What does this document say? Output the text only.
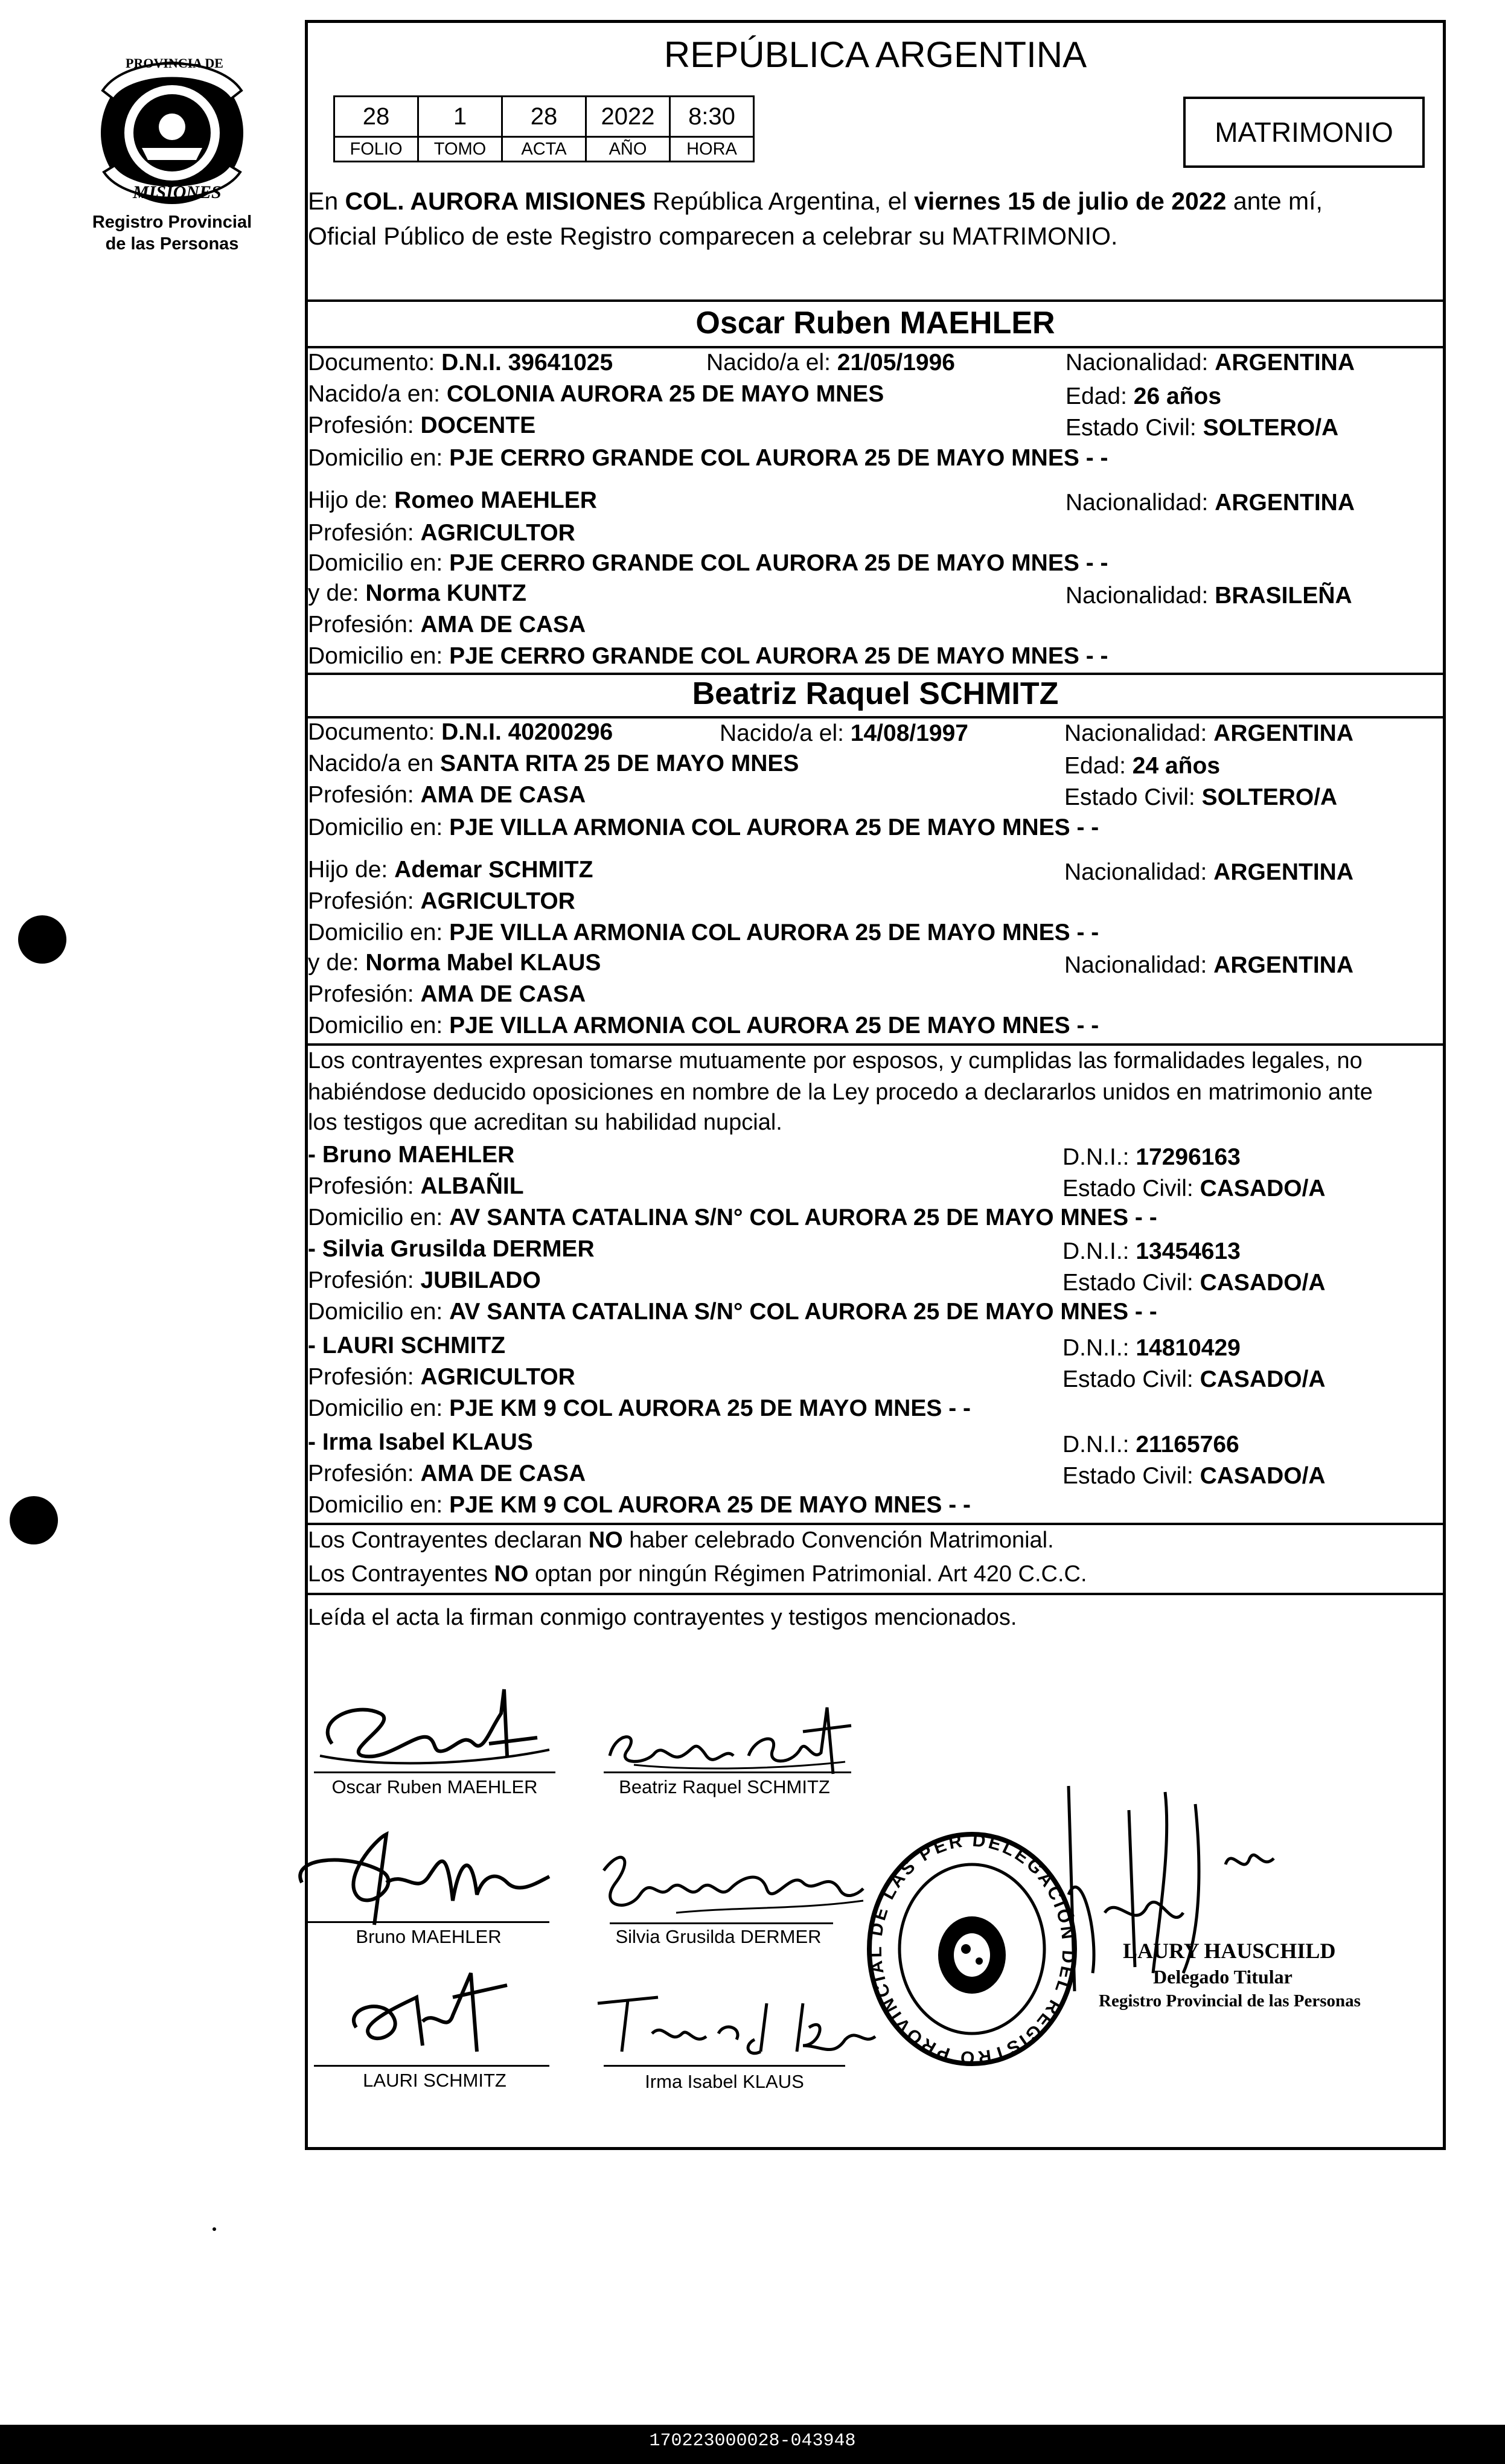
PROVINCIA DE
MISIONES
Registro Provincial
de las Personas
REPÚBLICA ARGENTINA
28	1	28	2022	8:30
FOLIO	TOMO	ACTA	AÑO	HORA
MATRIMONIO
En COL. AURORA MISIONES República Argentina, el viernes 15 de julio de 2022 ante mí,
Oficial Público de este Registro comparecen a celebrar su MATRIMONIO.
Oscar Ruben MAEHLER
Documento: D.N.I. 39641025	Nacido/a el: 21/05/1996	Nacionalidad: ARGENTINA
Nacido/a en: COLONIA AURORA 25 DE MAYO MNES	Edad: 26 años
Profesión: DOCENTE	Estado Civil: SOLTERO/A
Domicilio en: PJE CERRO GRANDE COL AURORA 25 DE MAYO MNES - -
Hijo de: Romeo MAEHLER	Nacionalidad: ARGENTINA
Profesión: AGRICULTOR
Domicilio en: PJE CERRO GRANDE COL AURORA 25 DE MAYO MNES - -
y de: Norma KUNTZ	Nacionalidad: BRASILEÑA
Profesión: AMA DE CASA
Domicilio en: PJE CERRO GRANDE COL AURORA 25 DE MAYO MNES - -
Beatriz Raquel SCHMITZ
Documento: D.N.I. 40200296	Nacido/a el: 14/08/1997	Nacionalidad: ARGENTINA
Nacido/a en SANTA RITA 25 DE MAYO MNES	Edad: 24 años
Profesión: AMA DE CASA	Estado Civil: SOLTERO/A
Domicilio en: PJE VILLA ARMONIA COL AURORA 25 DE MAYO MNES - -
Hijo de: Ademar SCHMITZ	Nacionalidad: ARGENTINA
Profesión: AGRICULTOR
Domicilio en: PJE VILLA ARMONIA COL AURORA 25 DE MAYO MNES - -
y de: Norma Mabel KLAUS	Nacionalidad: ARGENTINA
Profesión: AMA DE CASA
Domicilio en: PJE VILLA ARMONIA COL AURORA 25 DE MAYO MNES - -
Los contrayentes expresan tomarse mutuamente por esposos, y cumplidas las formalidades legales, no
habiéndose deducido oposiciones en nombre de la Ley procedo a declararlos unidos en matrimonio ante
los testigos que acreditan su habilidad nupcial.
- Bruno MAEHLER	D.N.I.: 17296163
Profesión: ALBAÑIL	Estado Civil: CASADO/A
Domicilio en: AV SANTA CATALINA S/N° COL AURORA 25 DE MAYO MNES - -
- Silvia Grusilda DERMER	D.N.I.: 13454613
Profesión: JUBILADO	Estado Civil: CASADO/A
Domicilio en: AV SANTA CATALINA S/N° COL AURORA 25 DE MAYO MNES - -
- LAURI SCHMITZ	D.N.I.: 14810429
Profesión: AGRICULTOR	Estado Civil: CASADO/A
Domicilio en: PJE KM 9 COL AURORA 25 DE MAYO MNES - -
- Irma Isabel KLAUS	D.N.I.: 21165766
Profesión: AMA DE CASA	Estado Civil: CASADO/A
Domicilio en: PJE KM 9 COL AURORA 25 DE MAYO MNES - -
Los Contrayentes declaran NO haber celebrado Convención Matrimonial.
Los Contrayentes NO optan por ningún Régimen Patrimonial. Art 420 C.C.C.
Leída el acta la firman conmigo contrayentes y testigos mencionados.
Oscar Ruben MAEHLER	Beatriz Raquel SCHMITZ
Bruno MAEHLER	Silvia Grusilda DERMER
LAURI SCHMITZ	Irma Isabel KLAUS
DELEGACIÓN DEL REGISTRO PROVINCIAL DE LAS PERSONAS · COL. AURORA ·
LAURY HAUSCHILD
Delegado Titular
Registro Provincial de las Personas
170223000028-043948
